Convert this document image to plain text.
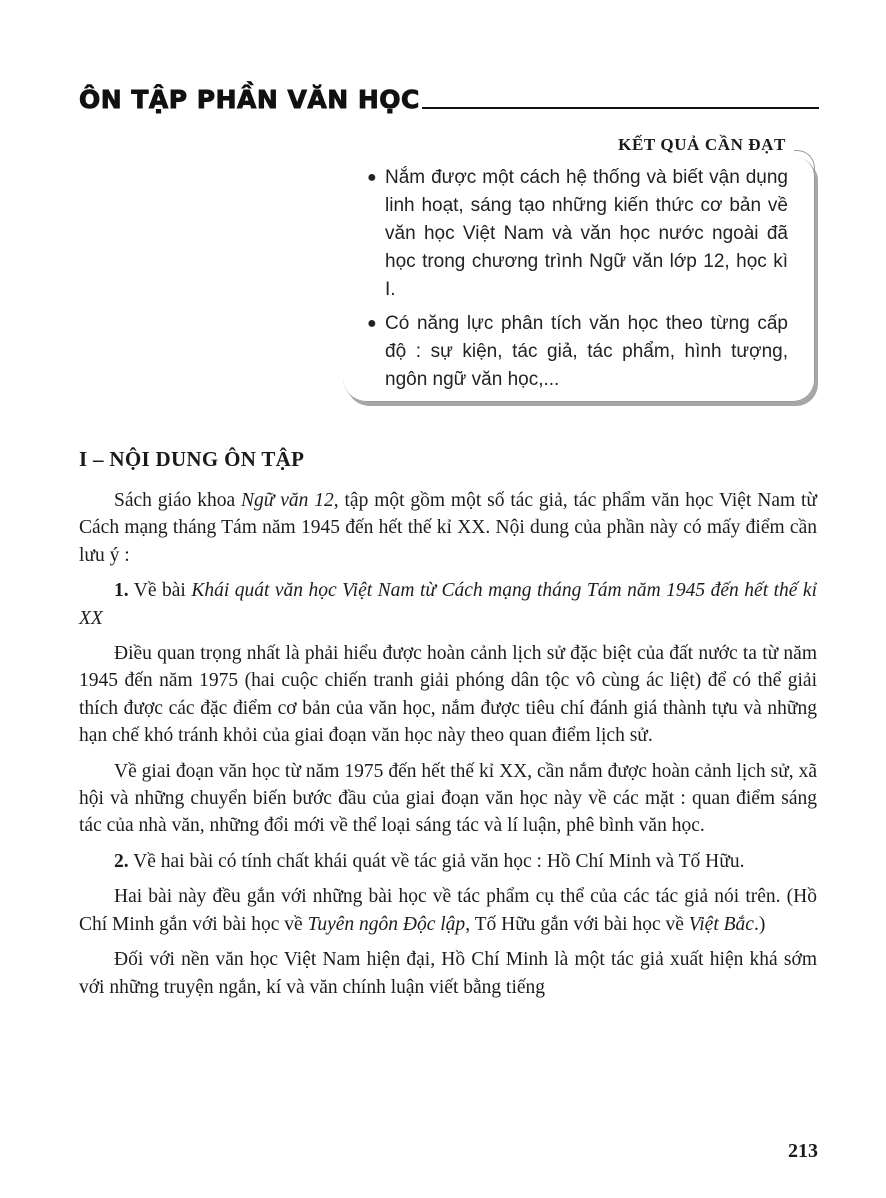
ÔN TẬP PHẦN VĂN HỌC
KẾT QUẢ CẦN ĐẠT
● Nắm được một cách hệ thống và biết vận dụng linh hoạt, sáng tạo những kiến thức cơ bản về văn học Việt Nam và văn học nước ngoài đã học trong chương trình Ngữ văn lớp 12, học kì I.
● Có năng lực phân tích văn học theo từng cấp độ : sự kiện, tác giả, tác phẩm, hình tượng, ngôn ngữ văn học,...
I – NỘI DUNG ÔN TẬP

Sách giáo khoa Ngữ văn 12, tập một gồm một số tác giả, tác phẩm văn học Việt Nam từ Cách mạng tháng Tám năm 1945 đến hết thế kỉ XX. Nội dung của phần này có mấy điểm cần lưu ý :

1. Về bài Khái quát văn học Việt Nam từ Cách mạng tháng Tám năm 1945 đến hết thế kỉ XX

Điều quan trọng nhất là phải hiểu được hoàn cảnh lịch sử đặc biệt của đất nước ta từ năm 1945 đến năm 1975 (hai cuộc chiến tranh giải phóng dân tộc vô cùng ác liệt) để có thể giải thích được các đặc điểm cơ bản của văn học, nắm được tiêu chí đánh giá thành tựu và những hạn chế khó tránh khỏi của giai đoạn văn học này theo quan điểm lịch sử.

Về giai đoạn văn học từ năm 1975 đến hết thế kỉ XX, cần nắm được hoàn cảnh lịch sử, xã hội và những chuyển biến bước đầu của giai đoạn văn học này về các mặt : quan điểm sáng tác của nhà văn, những đổi mới về thể loại sáng tác và lí luận, phê bình văn học.

2. Về hai bài có tính chất khái quát về tác giả văn học : Hồ Chí Minh và Tố Hữu.

Hai bài này đều gắn với những bài học về tác phẩm cụ thể của các tác giả nói trên. (Hồ Chí Minh gắn với bài học về Tuyên ngôn Độc lập, Tố Hữu gắn với bài học về Việt Bắc.)

Đối với nền văn học Việt Nam hiện đại, Hồ Chí Minh là một tác giả xuất hiện khá sớm với những truyện ngắn, kí và văn chính luận viết bằng tiếng

213
